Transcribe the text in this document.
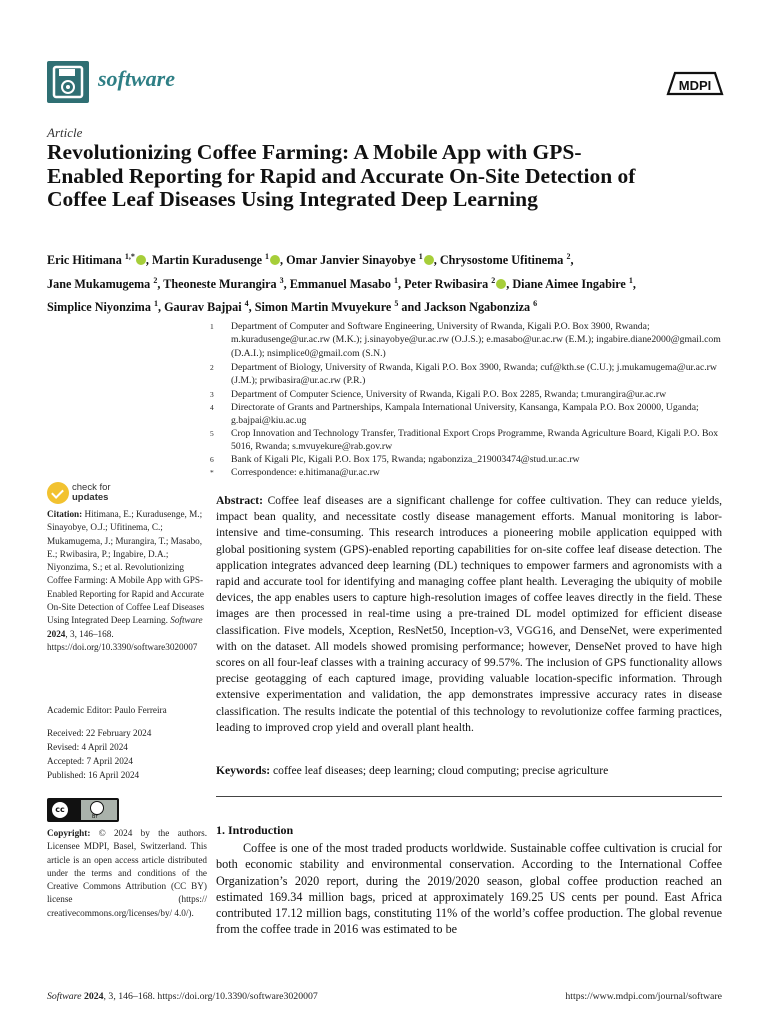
software	MDPI
Article
Revolutionizing Coffee Farming: A Mobile App with GPS-Enabled Reporting for Rapid and Accurate On-Site Detection of Coffee Leaf Diseases Using Integrated Deep Learning
Eric Hitimana $^{1,*}$ , Martin Kuradusenge $^1$ , Omar Janvier Sinayobye $^1$ , Chrysostome Ufitinema $^2$,
Jane Mukamugema $^2$, Theoneste Murangira $^3$, Emmanuel Masabo $^1$, Peter Rwibasira $^2$ , Diane Aimee Ingabire $^1$,
Simplice Niyonzima $^1$, Gaurav Bajpai $^4$, Simon Martin Mvuyekure $^5$ and Jackson Ngabonziza $^6$
1 Department of Computer and Software Engineering, University of Rwanda, Kigali P.O. Box 3900, Rwanda; m.kuradusenge@ur.ac.rw (M.K.); j.sinayobye@ur.ac.rw (O.J.S.); e.masabo@ur.ac.rw (E.M.); ingabire.diane2000@gmail.com (D.A.I.); nsimplice0@gmail.com (S.N.)
2 Department of Biology, University of Rwanda, Kigali P.O. Box 3900, Rwanda; cuf@kth.se (C.U.); j.mukamugema@ur.ac.rw (J.M.); prwibasira@ur.ac.rw (P.R.)
3 Department of Computer Science, University of Rwanda, Kigali P.O. Box 2285, Rwanda; t.murangira@ur.ac.rw
4 Directorate of Grants and Partnerships, Kampala International University, Kansanga, Kampala P.O. Box 20000, Uganda; g.bajpai@kiu.ac.ug
5 Crop Innovation and Technology Transfer, Traditional Export Crops Programme, Rwanda Agriculture Board, Kigali P.O. Box 5016, Rwanda; s.mvuyekure@rab.gov.rw
6 Bank of Kigali Plc, Kigali P.O. Box 175, Rwanda; ngabonziza_219003474@stud.ur.ac.rw
* Correspondence: e.hitimana@ur.ac.rw
check for
updates
Citation: Hitimana, E.; Kuradusenge, M.; Sinayobye, O.J.; Ufitinema, C.; Mukamugema, J.; Murangira, T.; Masabo, E.; Rwibasira, P.; Ingabire, D.A.; Niyonzima, S.; et al. Revolutionizing Coffee Farming: A Mobile App with GPS-Enabled Reporting for Rapid and Accurate On-Site Detection of Coffee Leaf Diseases Using Integrated Deep Learning. Software 2024, 3, 146–168. https://doi.org/10.3390/software3020007
Academic Editor: Paulo Ferreira
Received: 22 February 2024
Revised: 4 April 2024
Accepted: 7 April 2024
Published: 16 April 2024
cc
BY
Copyright: © 2024 by the authors. Licensee MDPI, Basel, Switzerland. This article is an open access article distributed under the terms and conditions of the Creative Commons Attribution (CC BY) license (https:// creativecommons.org/licenses/by/ 4.0/).
Abstract: Coffee leaf diseases are a significant challenge for coffee cultivation. They can reduce yields, impact bean quality, and necessitate costly disease management efforts. Manual monitoring is labor-intensive and time-consuming. This research introduces a pioneering mobile application equipped with global positioning system (GPS)-enabled reporting capabilities for on-site coffee leaf disease detection. The application integrates advanced deep learning (DL) techniques to empower farmers and agronomists with a rapid and accurate tool for identifying and managing coffee plant health. Leveraging the ubiquity of mobile devices, the app enables users to capture high-resolution images of coffee leaves directly in the field. These images are then processed in real-time using a pre-trained DL model optimized for efficient disease classification. Five models, Xception, ResNet50, Inception-v3, VGG16, and DenseNet, were experimented with on the dataset. All models showed promising performance; however, DenseNet proved to have high scores on all four-leaf classes with a training accuracy of 99.57%. The inclusion of GPS functionality allows precise geotagging of each captured image, providing valuable location-specific information. Through extensive experimentation and validation, the app demonstrates impressive accuracy rates in disease classification. The results indicate the potential of this technology to revolutionize coffee farming practices, leading to improved crop yield and overall plant health.
Keywords: coffee leaf diseases; deep learning; cloud computing; precise agriculture
1. Introduction
Coffee is one of the most traded products worldwide. Sustainable coffee cultivation is crucial for both economic stability and environmental conservation. According to the International Coffee Organization’s 2020 report, during the 2019/2020 season, global coffee production reached an estimated 169.34 million bags, priced at approximately 169.25 US cents per pound. East Africa contributed 17.12 million bags, constituting 11% of the world’s coffee production. The global revenue from the coffee trade in 2016 was estimated to be
Software 2024, 3, 146–168. https://doi.org/10.3390/software3020007	https://www.mdpi.com/journal/software
